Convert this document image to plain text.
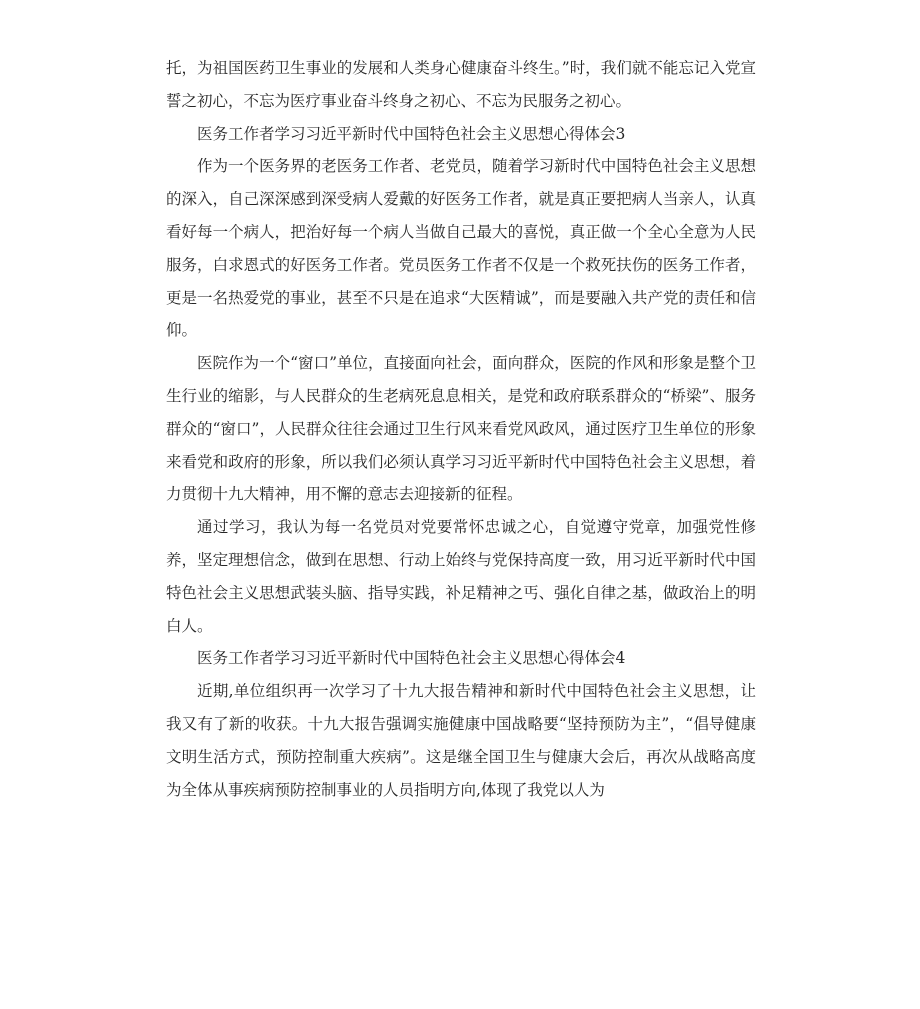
托，为祖国医药卫生事业的发展和人类身心健康奋斗终生。”时，我们就不能忘记入党宣誓之初心，不忘为医疗事业奋斗终身之初心、不忘为民服务之初心。

医务工作者学习习近平新时代中国特色社会主义思想心得体会3

作为一个医务界的老医务工作者、老党员，随着学习新时代中国特色社会主义思想的深入，自己深深感到深受病人爱戴的好医务工作者，就是真正要把病人当亲人，认真看好每一个病人，把治好每一个病人当做自己最大的喜悦，真正做一个全心全意为人民服务，白求恩式的好医务工作者。党员医务工作者不仅是一个救死扶伤的医务工作者，更是一名热爱党的事业，甚至不只是在追求“大医精诚”，而是要融入共产党的责任和信仰。

医院作为一个“窗口”单位，直接面向社会，面向群众，医院的作风和形象是整个卫生行业的缩影，与人民群众的生老病死息息相关，是党和政府联系群众的“桥梁”、服务群众的“窗口”，人民群众往往会通过卫生行风来看党风政风，通过医疗卫生单位的形象来看党和政府的形象，所以我们必须认真学习习近平新时代中国特色社会主义思想，着力贯彻十九大精神，用不懈的意志去迎接新的征程。

通过学习，我认为每一名党员对党要常怀忠诚之心，自觉遵守党章，加强党性修养，坚定理想信念，做到在思想、行动上始终与党保持高度一致，用习近平新时代中国特色社会主义思想武装头脑、指导实践，补足精神之丐、强化自律之基，做政治上的明白人。

医务工作者学习习近平新时代中国特色社会主义思想心得体会4

近期,单位组织再一次学习了十九大报告精神和新时代中国特色社会主义思想，让我又有了新的收获。十九大报告强调实施健康中国战略要“坚持预防为主”，“倡导健康文明生活方式，预防控制重大疾病”。这是继全国卫生与健康大会后，再次从战略高度为全体从事疾病预防控制事业的人员指明方向,体现了我党以人为
